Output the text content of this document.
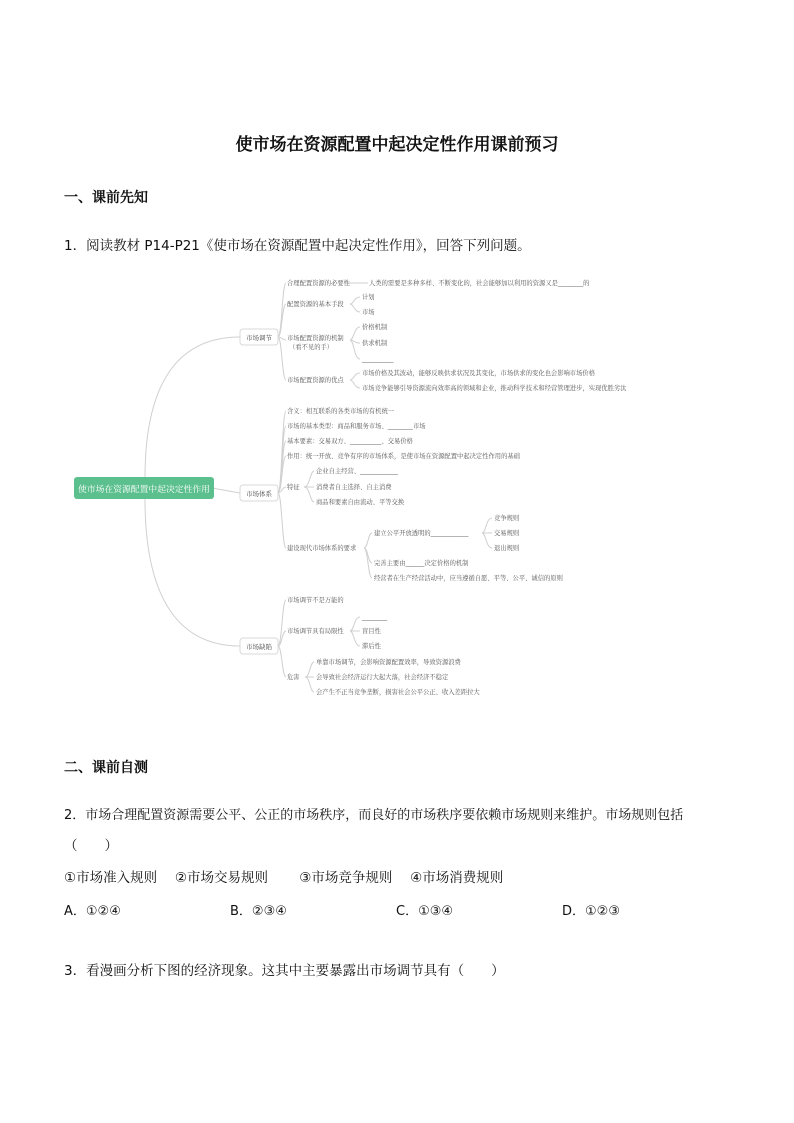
使市场在资源配置中起决定性作用课前预习
一、课前先知
1．阅读教材 P14-P21《使市场在资源配置中起决定性作用》，回答下列问题。
使市场在资源配置中起决定性作用
市场调节
市场体系
市场缺陷
合理配置资源的必要性	人类的需要是多种多样、不断变化的，社会能够加以利用的资源又是________的
配置资源的基本手段
计划
市场
市场配置资源的机制
（看不见的手）
价格机制
供求机制
__________
市场配置资源的优点
市场价格及其波动，能够反映供求状况及其变化，市场供求的变化也会影响市场价格
市场竞争能够引导资源流向效率高的领域和企业，推动科学技术和经营管理进步，实现优胜劣汰
含义：相互联系的各类市场的有机统一
市场的基本类型：商品和服务市场、________市场
基本要素：交易双方、__________、交易价格
作用：统一开放、竞争有序的市场体系，是使市场在资源配置中起决定性作用的基础
特征
企业自主经营、____________
消费者自主选择、自主消费
商品和要素自由流动、平等交换
建设现代市场体系的要求
建立公平开放透明的____________
竞争规则
交易规则
退出规则
完善主要由______决定价格的机制
经营者在生产经营活动中，应当遵循自愿、平等、公平、诚信的原则
市场调节不是万能的
市场调节具有局限性
________
盲目性
滞后性
危害
单靠市场调节，会影响资源配置效率，导致资源浪费
会导致社会经济运行大起大落，社会经济不稳定
会产生不正当竞争垄断，损害社会公平公正、收入差距拉大
二、课前自测
2．市场合理配置资源需要公平、公正的市场秩序，而良好的市场秩序要依赖市场规则来维护。市场规则包括
（　　）
①市场准入规则　 ②市场交易规则　　 ③市场竞争规则　 ④市场消费规则
A．①②④	B．②③④	C．①③④	D．①②③
3．看漫画分析下图的经济现象。这其中主要暴露出市场调节具有（　　）
